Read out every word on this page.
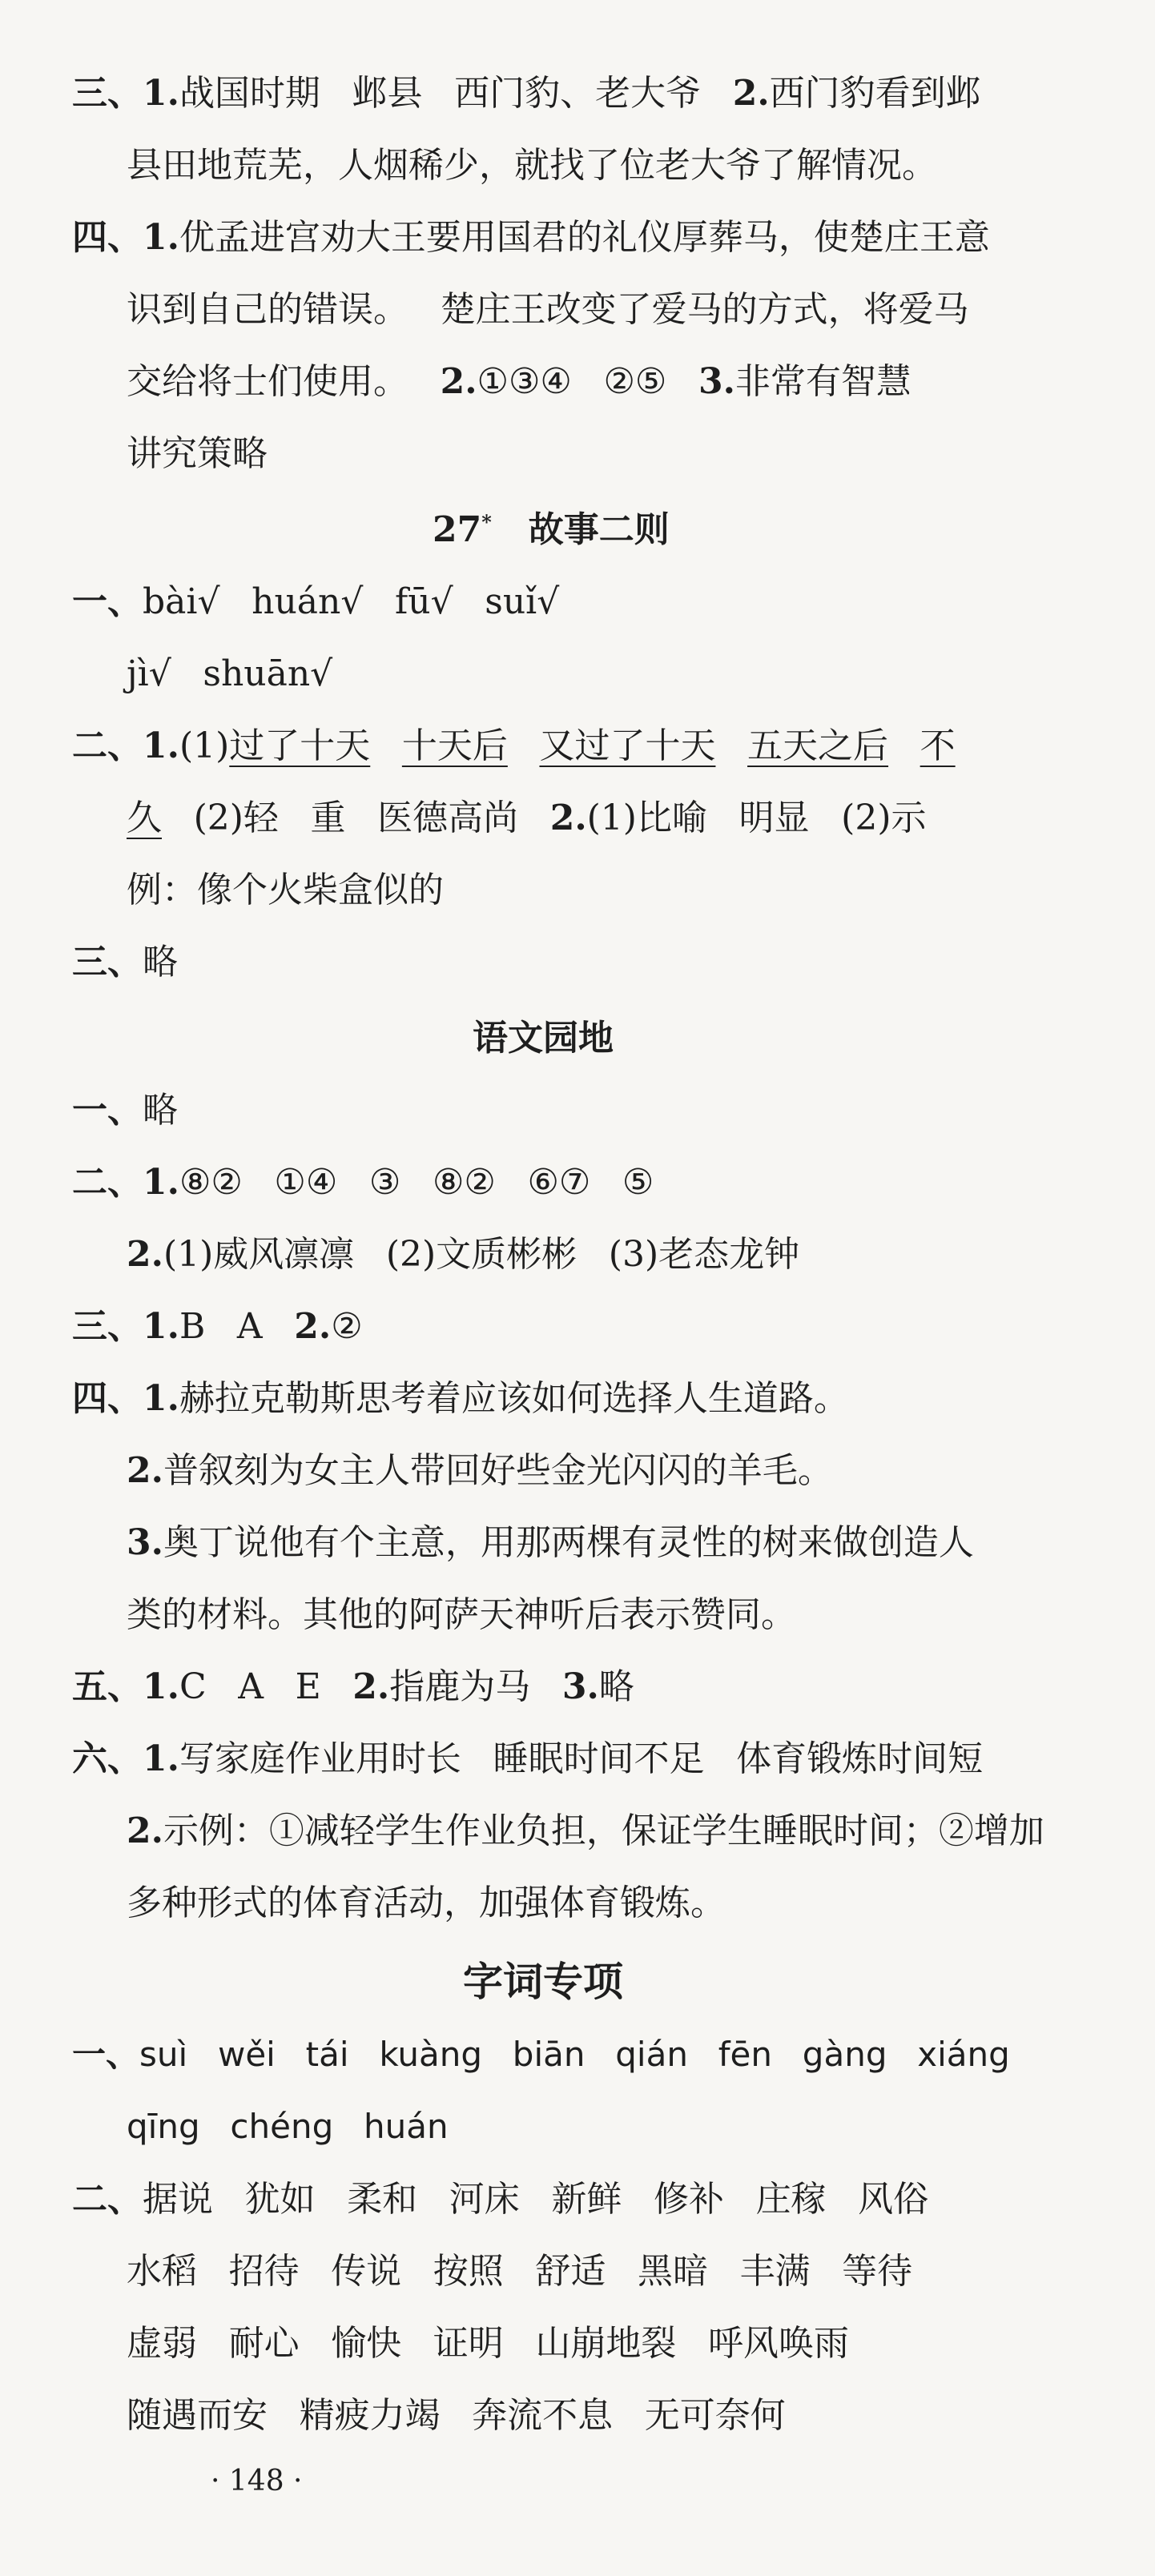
三、1.战国时期 邺县 西门豹、老大爷 2.西门豹看到邺
县田地荒芜，人烟稀少，就找了位老大爷了解情况。
四、1.优孟进宫劝大王要用国君的礼仪厚葬马，使楚庄王意
识到自己的错误。 楚庄王改变了爱马的方式，将爱马
交给将士们使用。 2.①③④ ②⑤ 3.非常有智慧
讲究策略
27* 故事二则
一、bài√ huán√ fū√ suǐ√
jì√ shuān√
二、1.(1)过了十天 十天后 又过了十天 五天之后 不
久 (2)轻 重 医德高尚 2.(1)比喻 明显 (2)示
例：像个火柴盒似的
三、略
语文园地
一、略
二、1.⑧② ①④ ③ ⑧② ⑥⑦ ⑤
2.(1)威风凛凛 (2)文质彬彬 (3)老态龙钟
三、1.B A 2.②
四、1.赫拉克勒斯思考着应该如何选择人生道路。
2.普叙刻为女主人带回好些金光闪闪的羊毛。
3.奥丁说他有个主意，用那两棵有灵性的树来做创造人
类的材料。其他的阿萨天神听后表示赞同。
五、1.C A E 2.指鹿为马 3.略
六、1.写家庭作业用时长 睡眠时间不足 体育锻炼时间短
2.示例：①减轻学生作业负担，保证学生睡眠时间；②增加
多种形式的体育活动，加强体育锻炼。
字词专项
一、suì wěi tái kuàng biān qián fēn gàng xiáng
qīng chéng huán
二、据说 犹如 柔和 河床 新鲜 修补 庄稼 风俗
水稻 招待 传说 按照 舒适 黑暗 丰满 等待
虚弱 耐心 愉快 证明 山崩地裂 呼风唤雨
随遇而安 精疲力竭 奔流不息 无可奈何
· 148 ·
